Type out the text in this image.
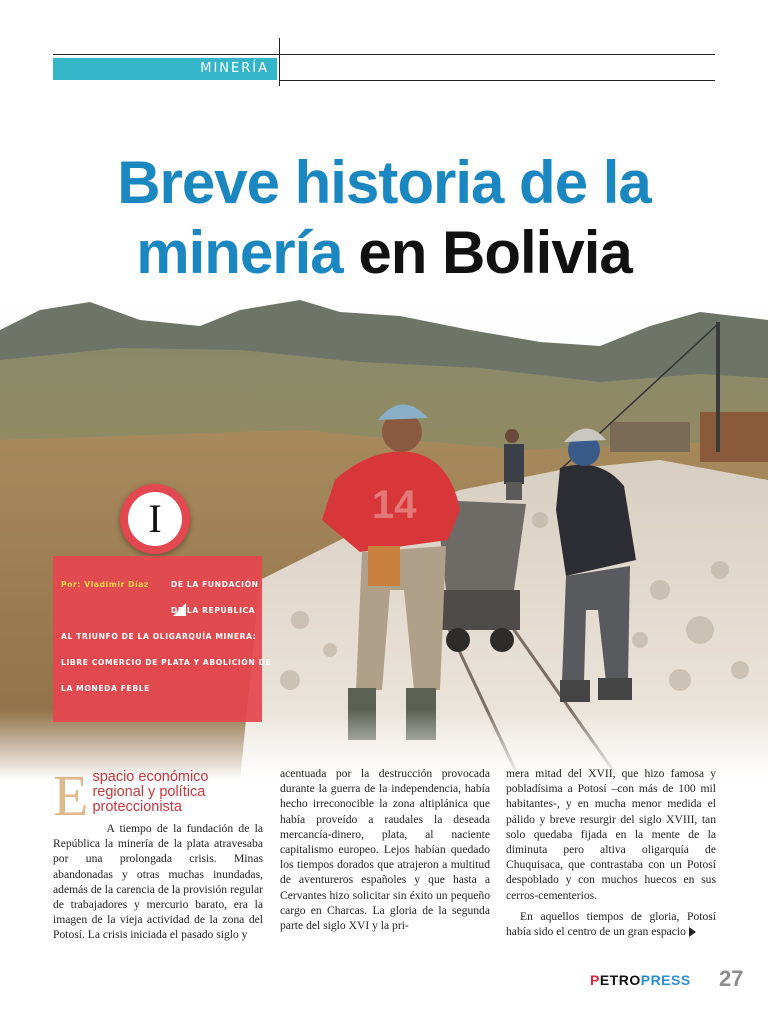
MINERÍA
14
Breve historia de la
minería en Bolivia
I
Por: Vladimir Díaz	DE LA FUNDACIÓN
DE LA REPÚBLICA
AL TRIUNFO DE LA OLIGARQUÍA MINERA:
LIBRE COMERCIO DE PLATA Y ABOLICIÓN DE
LA MONEDA FEBLE
E spacio económico regional y política proteccionista

A tiempo de la fundación de la República la minería de la plata atravesaba por una prolongada crisis. Minas abandonadas y otras muchas inundadas, además de la carencia de la provisión regular de trabajadores y mercurio barato, era la imagen de la vieja actividad de la zona del Potosí. La crisis iniciada el pasado siglo y

acentuada por la destrucción provocada durante la guerra de la independencia, había hecho irreconocible la zona altiplánica que había proveído a raudales la deseada mercancía-dinero, plata, al naciente capitalismo europeo. Lejos habían quedado los tiempos dorados que atrajeron a multitud de aventureros españoles y que hasta a Cervantes hizo solicitar sin éxito un pequeño cargo en Charcas. La gloria de la segunda parte del siglo XVI y la pri-

mera mitad del XVII, que hizo famosa y pobladísima a Potosí –con más de 100 mil habitantes-, y en mucha menor medida el pálido y breve resurgir del siglo XVIII, tan solo quedaba fijada en la mente de la diminuta pero altiva oligarquía de Chuquisaca, que contrastaba con un Potosí despoblado y con muchos huecos en sus cerros-cementerios.

En aquellos tiempos de gloria, Potosí había sido el centro de un gran espacio

PETROPRESS 27
